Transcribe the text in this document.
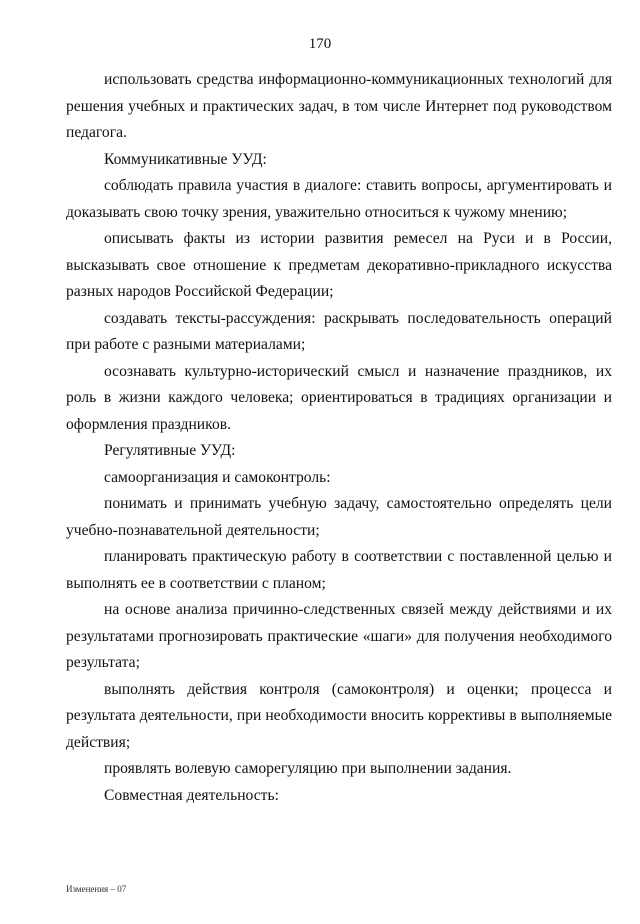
170

использовать средства информационно-коммуникационных технологий для решения учебных и практических задач, в том числе Интернет под руководством педагога.

Коммуникативные УУД:

соблюдать правила участия в диалоге: ставить вопросы, аргументировать и доказывать свою точку зрения, уважительно относиться к чужому мнению;

описывать факты из истории развития ремесел на Руси и в России, высказывать свое отношение к предметам декоративно-прикладного искусства разных народов Российской Федерации;

создавать тексты-рассуждения: раскрывать последовательность операций при работе с разными материалами;

осознавать культурно-исторический смысл и назначение праздников, их роль в жизни каждого человека; ориентироваться в традициях организации и оформления праздников.

Регулятивные УУД:

самоорганизация и самоконтроль:

понимать и принимать учебную задачу, самостоятельно определять цели учебно-познавательной деятельности;

планировать практическую работу в соответствии с поставленной целью и выполнять ее в соответствии с планом;

на основе анализа причинно-следственных связей между действиями и их результатами прогнозировать практические «шаги» для получения необходимого результата;

выполнять действия контроля (самоконтроля) и оценки; процесса и результата деятельности, при необходимости вносить коррективы в выполняемые действия;

проявлять волевую саморегуляцию при выполнении задания.

Совместная деятельность:

Изменения – 07
